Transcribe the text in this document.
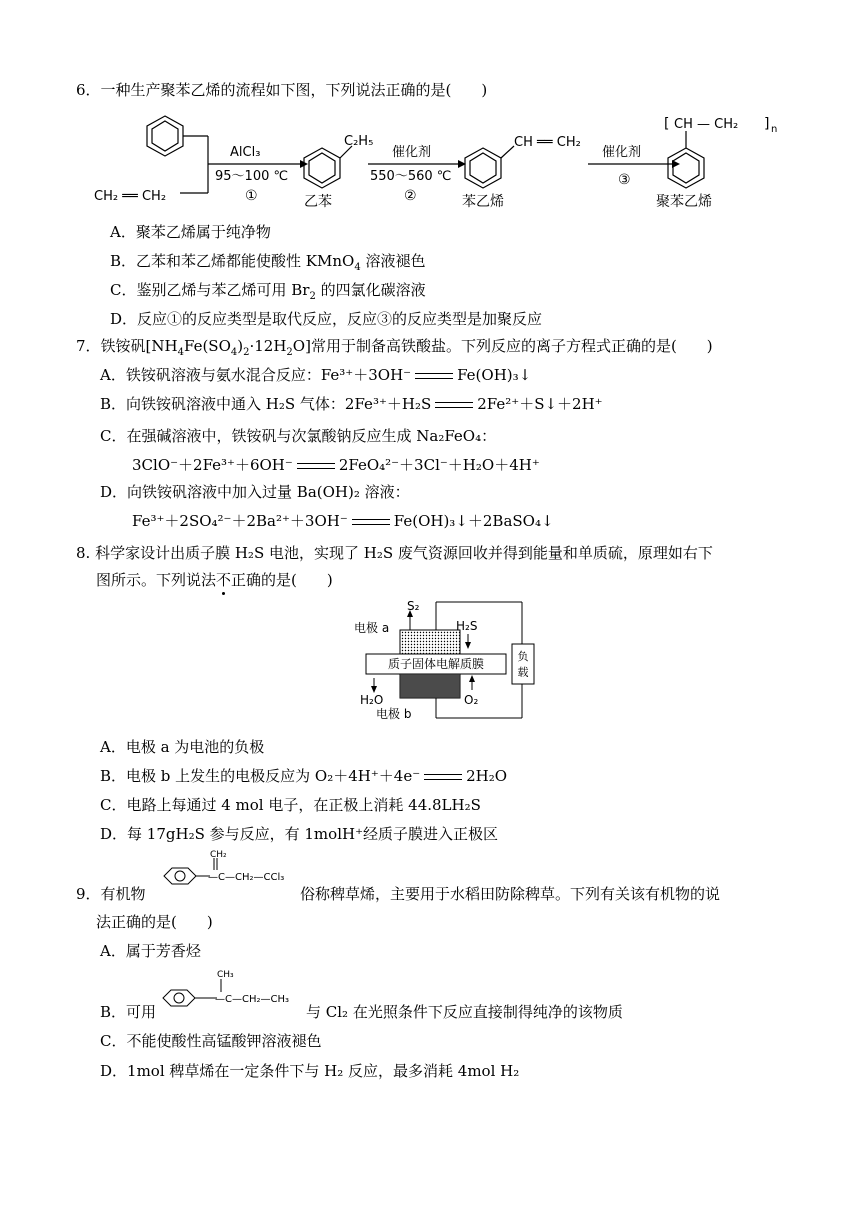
6．一种生产聚苯乙烯的流程如下图，下列说法正确的是(　　)
CH₂ ══ CH₂
AlCl₃
95～100 ℃
①
C₂H₅
乙苯
催化剂
550～560 ℃
②
CH ══ CH₂
苯乙烯
催化剂
③
[ CH — CH₂ ] n
聚苯乙烯
A．聚苯乙烯属于纯净物
B．乙苯和苯乙烯都能使酸性 KMnO$_4$ 溶液褪色
C．鉴别乙烯与苯乙烯可用 $Br_2$ 的四氯化碳溶液
D．反应①的反应类型是取代反应，反应③的反应类型是加聚反应
7．铁铵矾$[NH_4Fe(SO_4)_2\cdot 12H_2O]$常用于制备高铁酸盐。下列反应的离子方程式正确的是(　　)
A．铁铵矾溶液与氨水混合反应：Fe³⁺＋3OH⁻	Fe(OH)₃↓
B．向铁铵矾溶液中通入 H₂S 气体：2Fe³⁺＋H₂S	2Fe²⁺＋S↓＋2H⁺
C．在强碱溶液中，铁铵矾与次氯酸钠反应生成 Na₂FeO₄：
3ClO⁻＋2Fe³⁺＋6OH⁻	2FeO₄²⁻＋3Cl⁻＋H₂O＋4H⁺
D．向铁铵矾溶液中加入过量 Ba(OH)₂ 溶液：
Fe³⁺＋2SO₄²⁻＋2Ba²⁺＋3OH⁻	Fe(OH)₃↓＋2BaSO₄↓
8. 科学家设计出质子膜 H₂S 电池，实现了 H₂S 废气资源回收并得到能量和单质硫，原理如右下
图所示。下列说法不正确的是(　　)
质子固体电解质膜
S₂
H₂S
电极 a
负
载
H₂O	O₂
电极 b
A．电极 a 为电池的负极
B．电极 b 上发生的电极反应为 O₂＋4H⁺＋4e⁻	2H₂O
C．电路上每通过 4 mol 电子，在正极上消耗 44.8LH₂S
D．每 17gH₂S 参与反应，有 1molH⁺经质子膜进入正极区
CH₂
—C—CH₂—CCl₃
9．有机物	俗称稗草烯，主要用于水稻田防除稗草。下列有关该有机物的说
法正确的是(　　)
A．属于芳香烃
CH₃
—C—CH₂—CH₃
B．可用	与 Cl₂ 在光照条件下反应直接制得纯净的该物质
C．不能使酸性高锰酸钾溶液褪色
D．1mol 稗草烯在一定条件下与 H₂ 反应，最多消耗 4mol H₂
